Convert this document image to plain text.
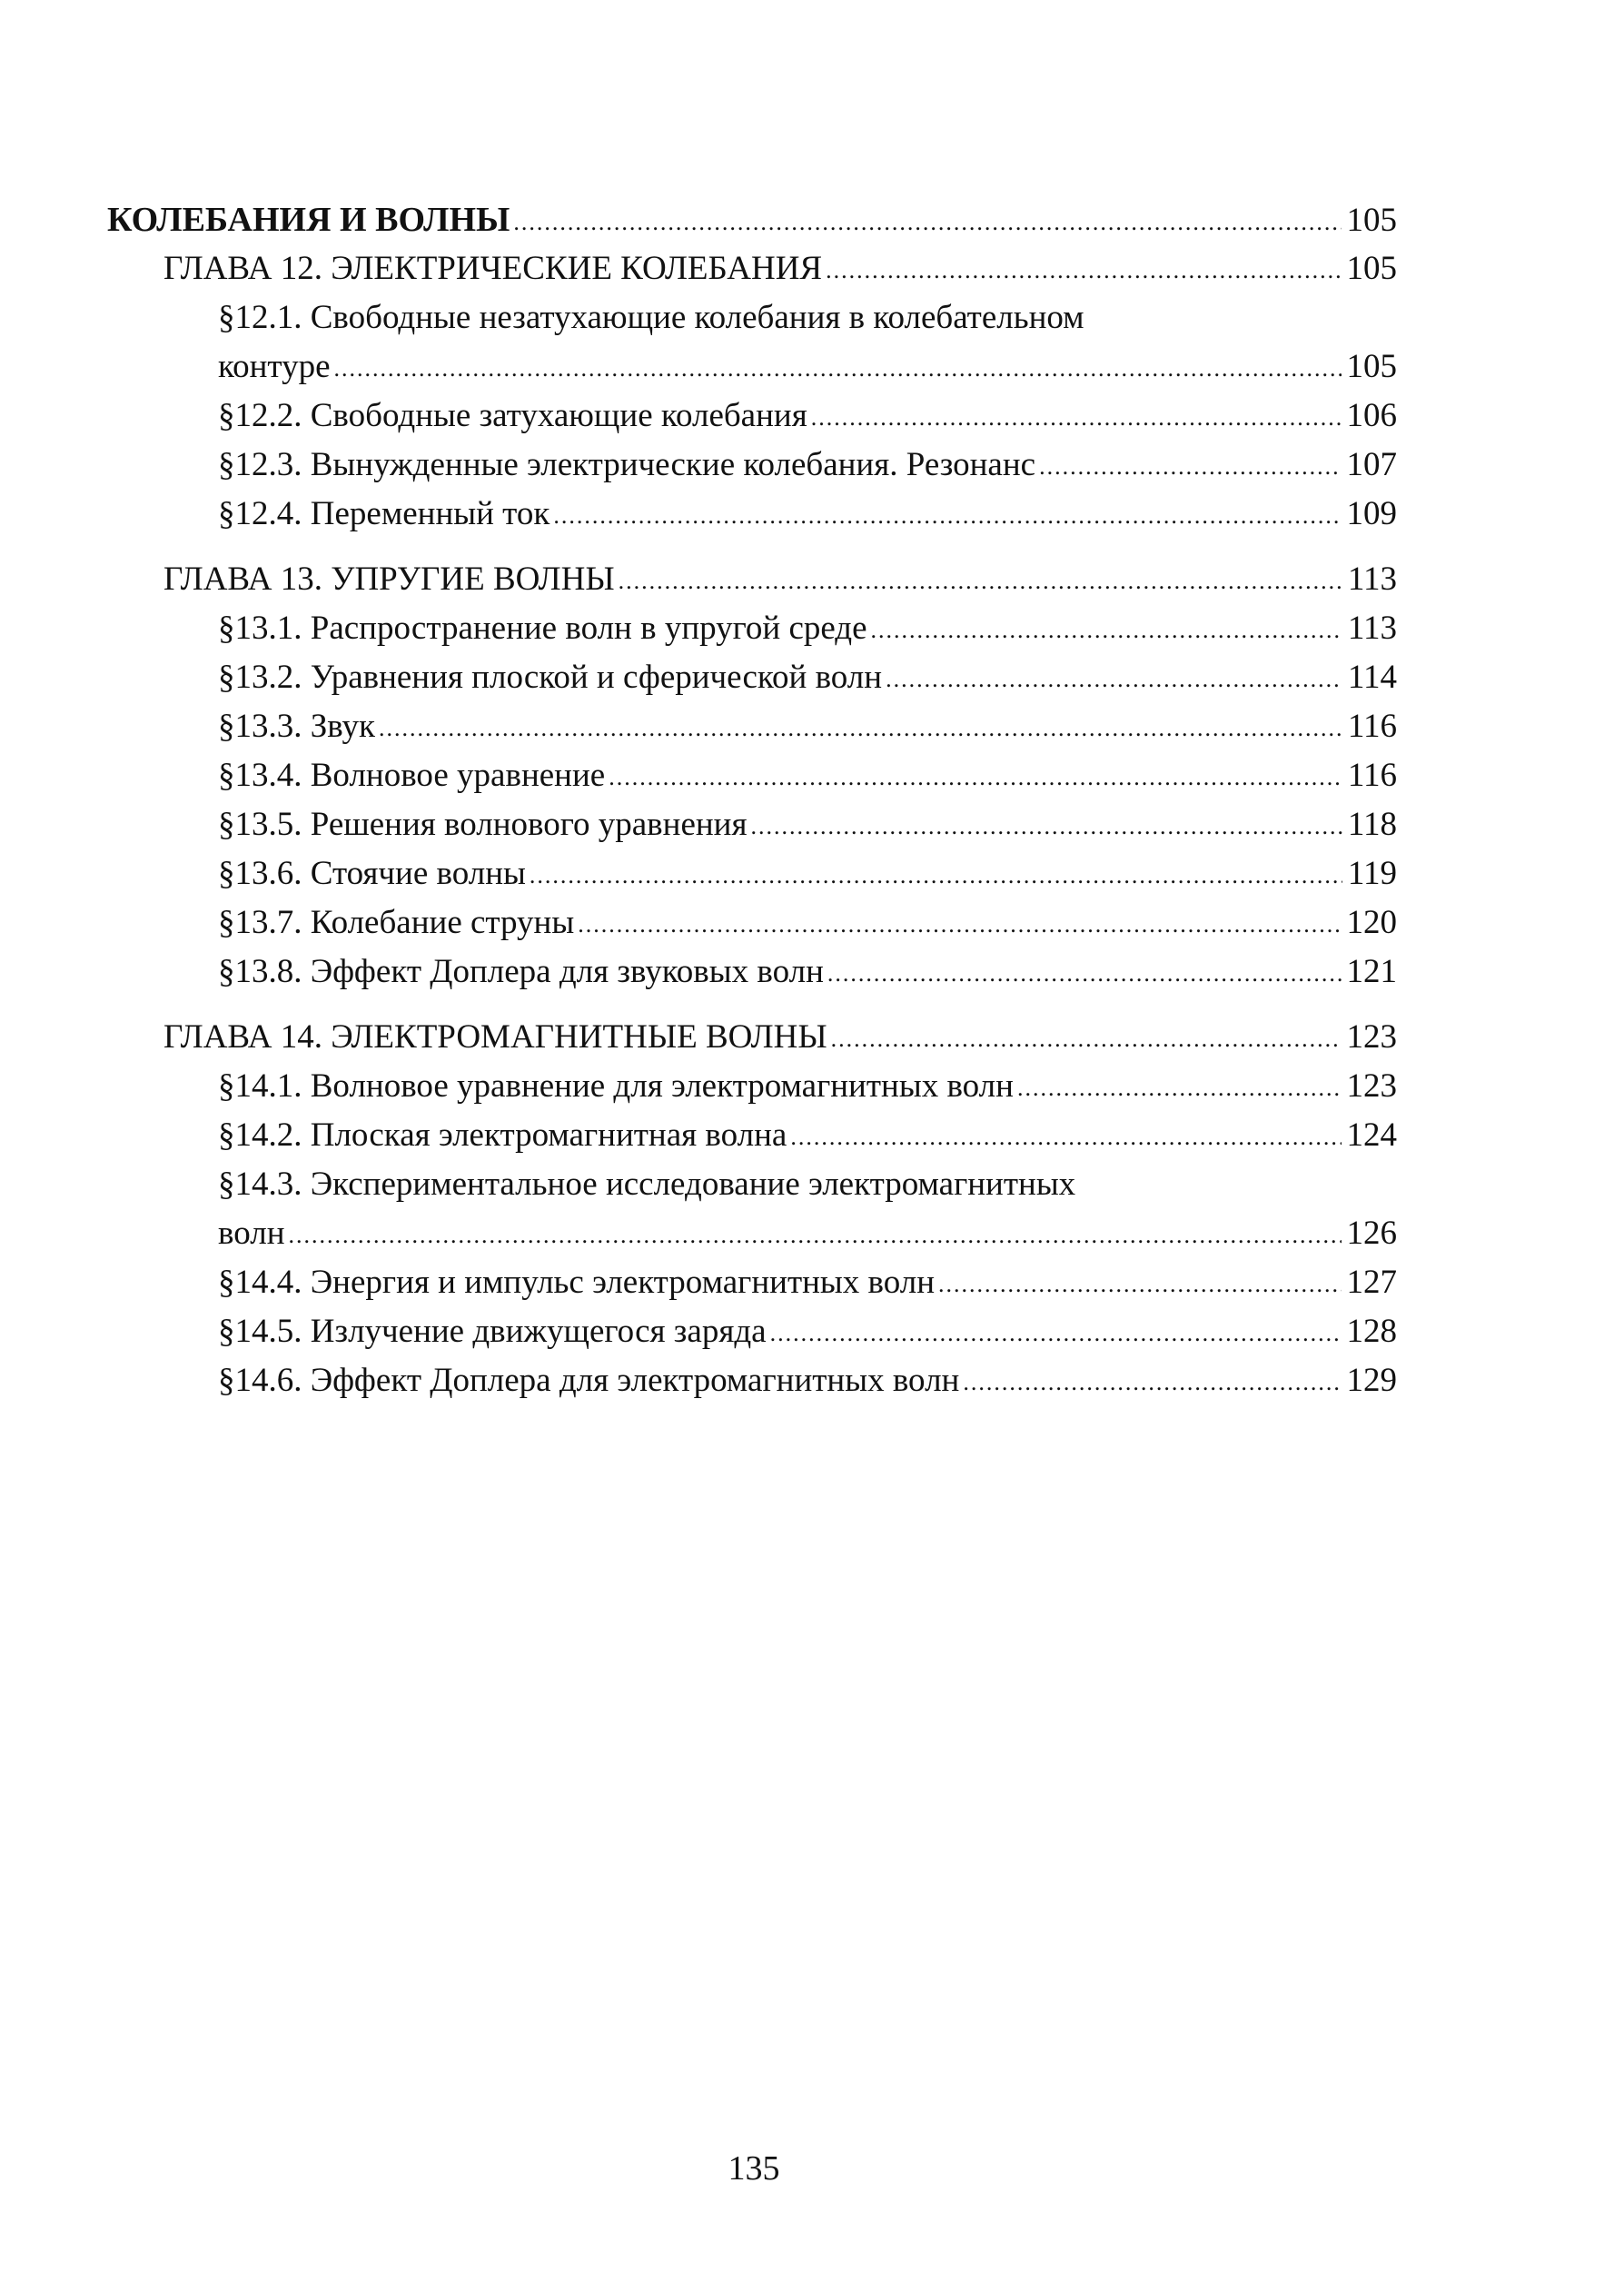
КОЛЕБАНИЯ И ВОЛНЫ .....	105
ГЛАВА 12. ЭЛЕКТРИЧЕСКИЕ КОЛЕБАНИЯ .....	105
§12.1. Свободные незатухающие колебания в колебательном
контуре .....	105
§12.2. Свободные затухающие колебания .....	106
§12.3. Вынужденные электрические колебания. Резонанс .....	107
§12.4. Переменный ток .....	109
ГЛАВА 13. УПРУГИЕ ВОЛНЫ .....	113
§13.1. Распространение волн в упругой среде .....	113
§13.2. Уравнения плоской и сферической волн .....	114
§13.3. Звук .....	116
§13.4. Волновое уравнение .....	116
§13.5. Решения волнового уравнения .....	118
§13.6. Стоячие волны .....	119
§13.7. Колебание струны .....	120
§13.8. Эффект Доплера для звуковых волн .....	121
ГЛАВА 14. ЭЛЕКТРОМАГНИТНЫЕ ВОЛНЫ .....	123
§14.1. Волновое уравнение для электромагнитных волн .....	123
§14.2. Плоская электромагнитная волна .....	124
§14.3. Экспериментальное исследование электромагнитных
волн .....	126
§14.4. Энергия и импульс электромагнитных волн .....	127
§14.5. Излучение движущегося заряда .....	128
§14.6. Эффект Доплера для электромагнитных волн .....	129
135
